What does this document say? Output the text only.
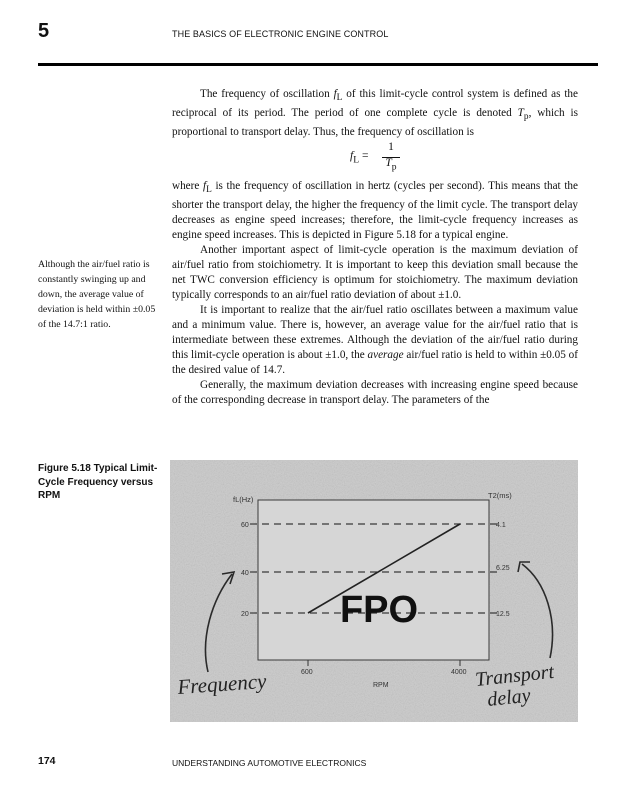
5	THE BASICS OF ELECTRONIC ENGINE CONTROL

The frequency of oscillation $f_L$ of this limit-cycle control system is defined as the reciprocal of its period. The period of one complete cycle is denoted $T_p$, which is proportional to transport delay. Thus, the frequency of oscillation is

$f_L$ =
1
$T_p$

where $f_L$ is the frequency of oscillation in hertz (cycles per second). This means that the shorter the transport delay, the higher the frequency of the limit cycle. The transport delay decreases as engine speed increases; therefore, the limit-cycle frequency increases as engine speed increases. This is depicted in Figure 5.18 for a typical engine.

Another important aspect of limit-cycle operation is the maximum deviation of air/fuel ratio from stoichiometry. It is important to keep this deviation small because the net TWC conversion efficiency is optimum for stoichiometry. The maximum deviation typically corresponds to an air/fuel ratio deviation of about ±1.0.

It is important to realize that the air/fuel ratio oscillates between a maximum value and a minimum value. There is, however, an average value for the air/fuel ratio that is intermediate between these extremes. Although the deviation of the air/fuel ratio during this limit-cycle operation is about ±1.0, the average air/fuel ratio is held to within ±0.05 of the desired value of 14.7.

Generally, the maximum deviation decreases with increasing engine speed because of the corresponding decrease in transport delay. The parameters of the

Although the air/fuel ratio is constantly swinging up and down, the average value of deviation is held within ±0.05 of the 14.7:1 ratio.
Figure 5.18 Typical Limit-Cycle Frequency versus RPM	fL(Hz)	T2(ms)
60
40
20
4.1
6.25
12.5
600	4000
RPM
FPO
Frequency	Transport
delay
174	UNDERSTANDING AUTOMOTIVE ELECTRONICS
